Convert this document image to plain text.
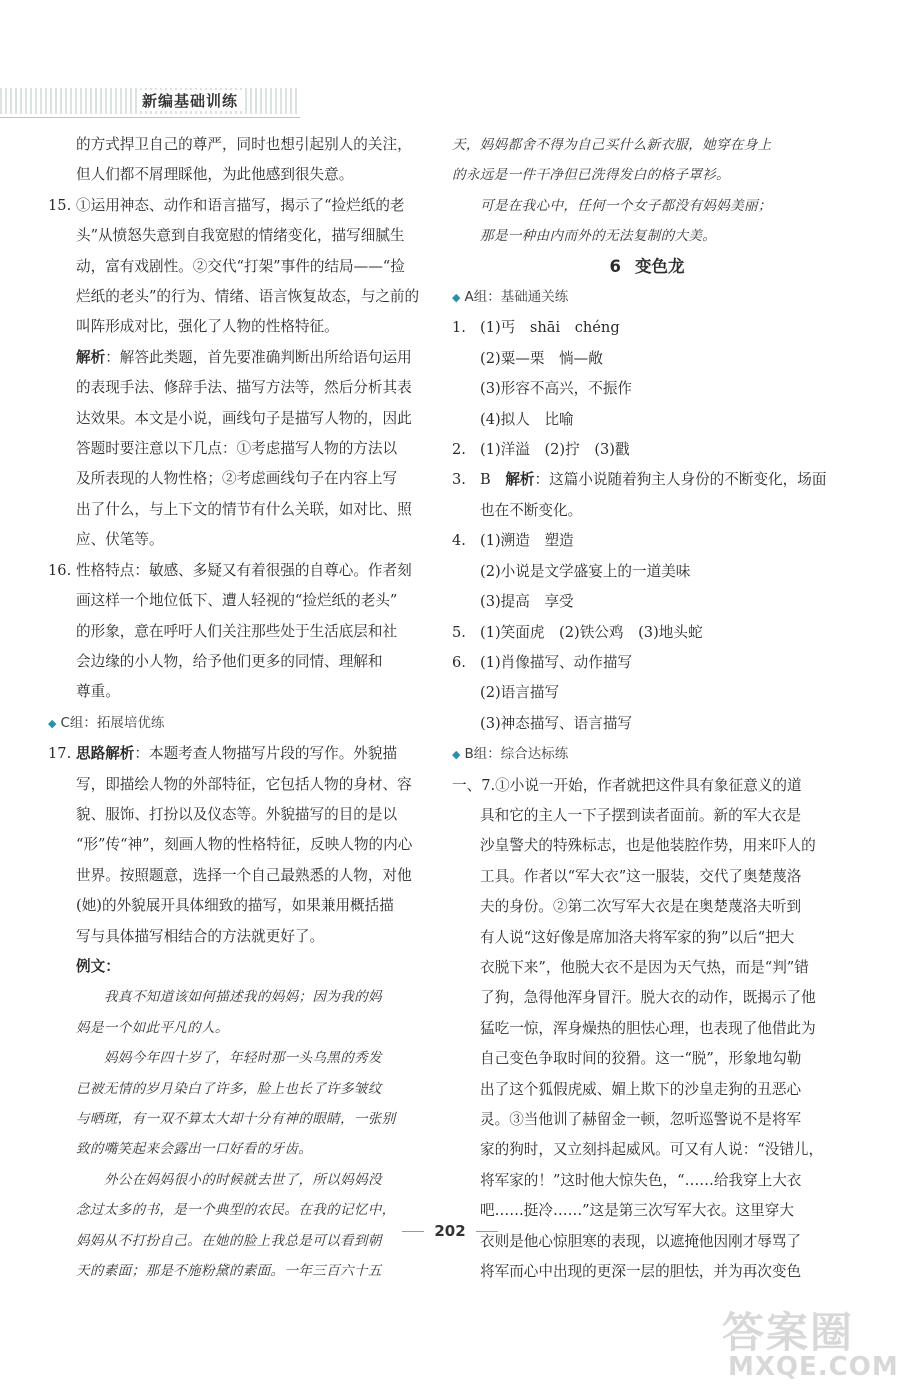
新编基础训练

的方式捍卫自己的尊严，同时也想引起别人的关注，

但人们都不屑理睬他，为此他感到很失意。

15. ①运用神态、动作和语言描写，揭示了“捡烂纸的老

头”从愤怒失意到自我宽慰的情绪变化，描写细腻生

动，富有戏剧性。②交代“打架”事件的结局——“捡

烂纸的老头”的行为、情绪、语言恢复故态，与之前的

叫阵形成对比，强化了人物的性格特征。

解析：解答此类题，首先要准确判断出所给语句运用

的表现手法、修辞手法、描写方法等，然后分析其表

达效果。本文是小说，画线句子是描写人物的，因此

答题时要注意以下几点：①考虑描写人物的方法以

及所表现的人物性格；②考虑画线句子在内容上写

出了什么，与上下文的情节有什么关联，如对比、照

应、伏笔等。

16. 性格特点：敏感、多疑又有着很强的自尊心。作者刻

画这样一个地位低下、遭人轻视的“捡烂纸的老头”

的形象，意在呼吁人们关注那些处于生活底层和社

会边缘的小人物，给予他们更多的同情、理解和

尊重。

◆ C组：拓展培优练

17. 思路解析：本题考查人物描写片段的写作。外貌描

写，即描绘人物的外部特征，它包括人物的身材、容

貌、服饰、打扮以及仪态等。外貌描写的目的是以

“形”传“神”，刻画人物的性格特征，反映人物的内心

世界。按照题意，选择一个自己最熟悉的人物，对他

(她)的外貌展开具体细致的描写，如果兼用概括描

写与具体描写相结合的方法就更好了。

例文：

我真不知道该如何描述我的妈妈；因为我的妈

妈是一个如此平凡的人。

妈妈今年四十岁了，年轻时那一头乌黑的秀发

已被无情的岁月染白了许多，脸上也长了许多皱纹

与晒斑，有一双不算太大却十分有神的眼睛，一张别

致的嘴笑起来会露出一口好看的牙齿。

外公在妈妈很小的时候就去世了，所以妈妈没

念过太多的书，是一个典型的农民。在我的记忆中，

妈妈从不打扮自己。在她的脸上我总是可以看到朝

天的素面；那是不施粉黛的素面。一年三百六十五

天，妈妈都舍不得为自己买什么新衣服，她穿在身上

的永远是一件干净但已洗得发白的格子罩衫。

可是在我心中，任何一个女子都没有妈妈美丽；

那是一种由内而外的无法复制的大美。

6 变色龙

◆ A组：基础通关练

1. (1)丐　shāi　chéng

(2)粟—栗　惝—敞

(3)形容不高兴，不振作

(4)拟人　比喻

2. (1)洋溢　(2)拧　(3)戳

3. B　解析：这篇小说随着狗主人身份的不断变化，场面

也在不断变化。

4. (1)溯造　塑造

(2)小说是文学盛宴上的一道美味

(3)提高　享受

5. (1)笑面虎　(2)铁公鸡　(3)地头蛇

6. (1)肖像描写、动作描写

(2)语言描写

(3)神态描写、语言描写

◆ B组：综合达标练

一、7.①小说一开始，作者就把这件具有象征意义的道

具和它的主人一下子摆到读者面前。新的军大衣是

沙皇警犬的特殊标志，也是他装腔作势，用来吓人的

工具。作者以“军大衣”这一服装，交代了奥楚蔑洛

夫的身份。②第二次写军大衣是在奥楚蔑洛夫听到

有人说“这好像是席加洛夫将军家的狗”以后“把大

衣脱下来”，他脱大衣不是因为天气热，而是“判”错

了狗，急得他浑身冒汗。脱大衣的动作，既揭示了他

猛吃一惊，浑身燥热的胆怯心理，也表现了他借此为

自己变色争取时间的狡猾。这一“脱”，形象地勾勒

出了这个狐假虎威、媚上欺下的沙皇走狗的丑恶心

灵。③当他训了赫留金一顿，忽听巡警说不是将军

家的狗时，又立刻抖起威风。可又有人说：“没错儿，

将军家的！”这时他大惊失色，“……给我穿上大衣

吧……挺冷……”这是第三次写军大衣。这里穿大

衣则是他心惊胆寒的表现，以遮掩他因刚才辱骂了

将军而心中出现的更深一层的胆怯，并为再次变色

202
答案圈
MXQE.COM
